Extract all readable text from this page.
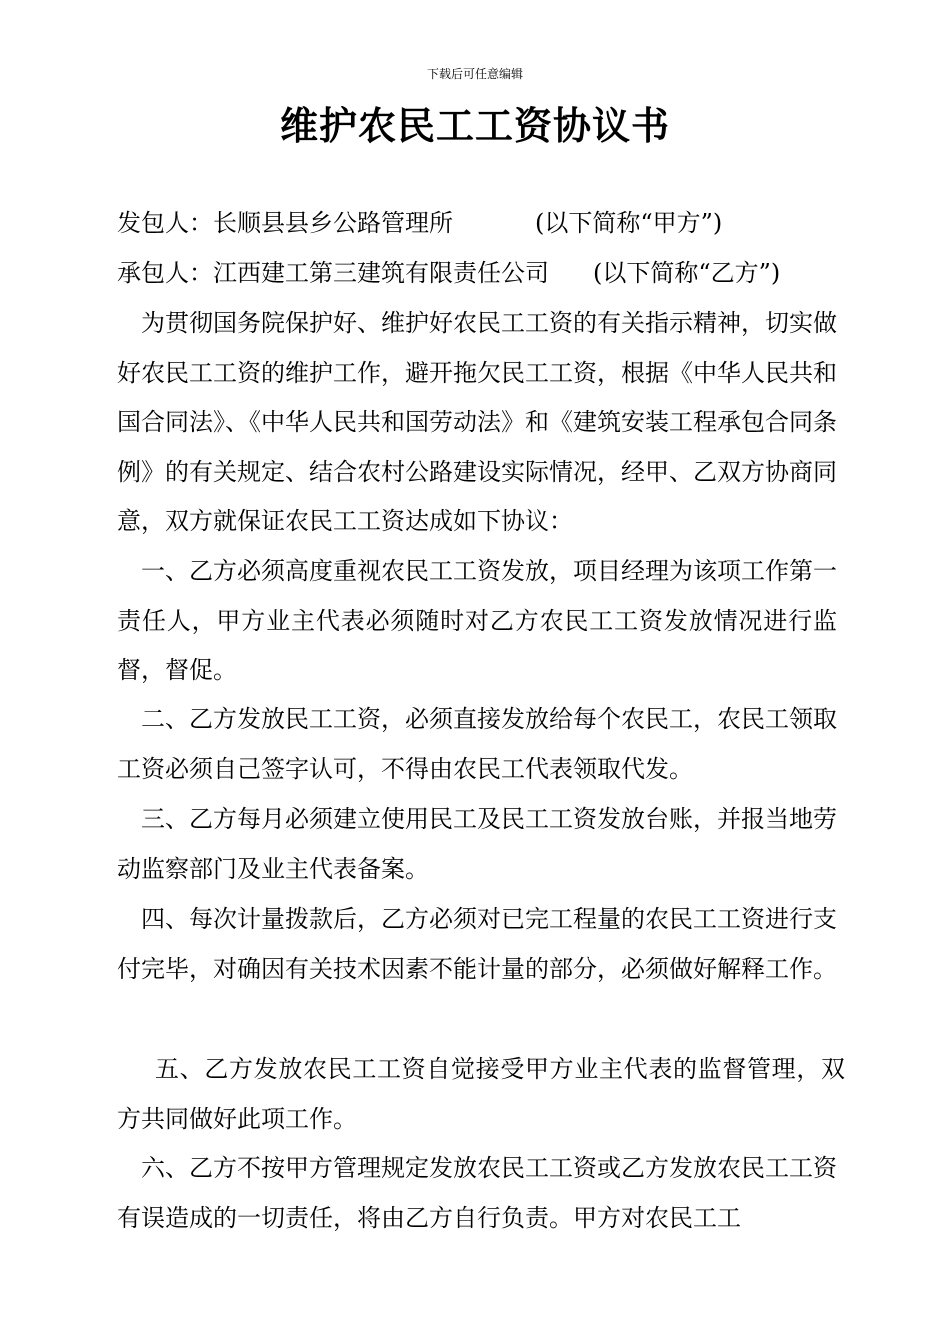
下载后可任意编辑
维护农民工工资协议书
发包人：长顺县县乡公路管理所	(以下简称“甲方”)
承包人：江西建工第三建筑有限责任公司 (以下简称“乙方”)

为贯彻国务院保护好、维护好农民工工资的有关指示精神，切实做好农民工工资的维护工作，避开拖欠民工工资，根据《中华人民共和国合同法》、《中华人民共和国劳动法》和《建筑安装工程承包合同条例》的有关规定、结合农村公路建设实际情况，经甲、乙双方协商同意，双方就保证农民工工资达成如下协议：

一、乙方必须高度重视农民工工资发放，项目经理为该项工作第一责任人，甲方业主代表必须随时对乙方农民工工资发放情况进行监督，督促。

二、乙方发放民工工资，必须直接发放给每个农民工，农民工领取工资必须自己签字认可，不得由农民工代表领取代发。

三、乙方每月必须建立使用民工及民工工资发放台账，并报当地劳动监察部门及业主代表备案。

四、每次计量拨款后，乙方必须对已完工程量的农民工工资进行支付完毕，对确因有关技术因素不能计量的部分，必须做好解释工作。

五、乙方发放农民工工资自觉接受甲方业主代表的监督管理，双方共同做好此项工作。

六、乙方不按甲方管理规定发放农民工工资或乙方发放农民工工资有误造成的一切责任，将由乙方自行负责。甲方对农民工工
